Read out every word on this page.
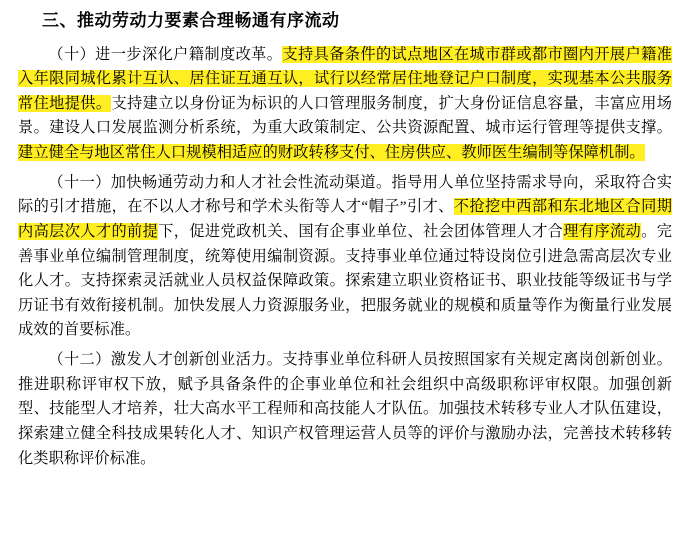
三、推动劳动力要素合理畅通有序流动
（十）进一步深化户籍制度改革。支持具备条件的试点地区在城市群或都市圈内开展户籍准入年限同城化累计互认、居住证互通互认，试行以经常居住地登记户口制度，实现基本公共服务常住地提供。支持建立以身份证为标识的人口管理服务制度，扩大身份证信息容量，丰富应用场景。建设人口发展监测分析系统，为重大政策制定、公共资源配置、城市运行管理等提供支撑。建立健全与地区常住人口规模相适应的财政转移支付、住房供应、教师医生编制等保障机制。
（十一）加快畅通劳动力和人才社会性流动渠道。指导用人单位坚持需求导向，采取符合实际的引才措施，在不以人才称号和学术头衔等人才“帽子”引才、不抢挖中西部和东北地区合同期内高层次人才的前提下，促进党政机关、国有企事业单位、社会团体管理人才合理有序流动。完善事业单位编制管理制度，统筹使用编制资源。支持事业单位通过特设岗位引进急需高层次专业化人才。支持探索灵活就业人员权益保障政策。探索建立职业资格证书、职业技能等级证书与学历证书有效衔接机制。加快发展人力资源服务业，把服务就业的规模和质量等作为衡量行业发展成效的首要标准。
（十二）激发人才创新创业活力。支持事业单位科研人员按照国家有关规定离岗创新创业。推进职称评审权下放，赋予具备条件的企事业单位和社会组织中高级职称评审权限。加强创新型、技能型人才培养，壮大高水平工程师和高技能人才队伍。加强技术转移专业人才队伍建设，探索建立健全科技成果转化人才、知识产权管理运营人员等的评价与激励办法，完善技术转移转化类职称评价标准。
